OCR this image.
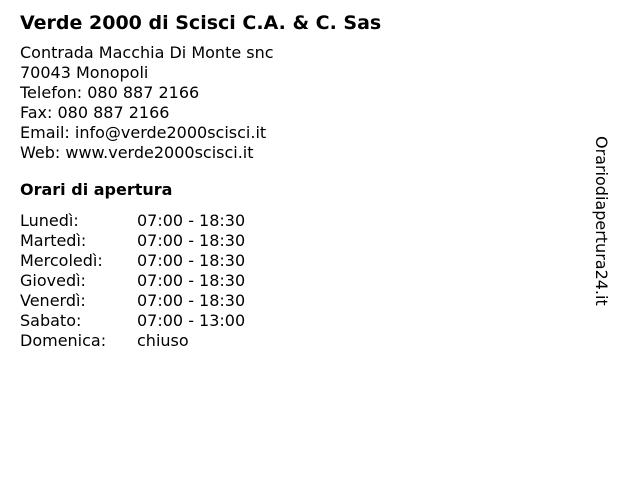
Verde 2000 di Scisci C.A. & C. Sas
Contrada Macchia Di Monte snc
70043 Monopoli
Telefon: 080 887 2166
Fax: 080 887 2166
Email: info@verde2000scisci.it
Web: www.verde2000scisci.it
Orari di apertura
Lunedì:	07:00 - 18:30
Martedì:	07:00 - 18:30
Mercoledì:	07:00 - 18:30
Giovedì:	07:00 - 18:30
Venerdì:	07:00 - 18:30
Sabato:	07:00 - 13:00
Domenica:	chiuso
Orariodiapertura24.it
